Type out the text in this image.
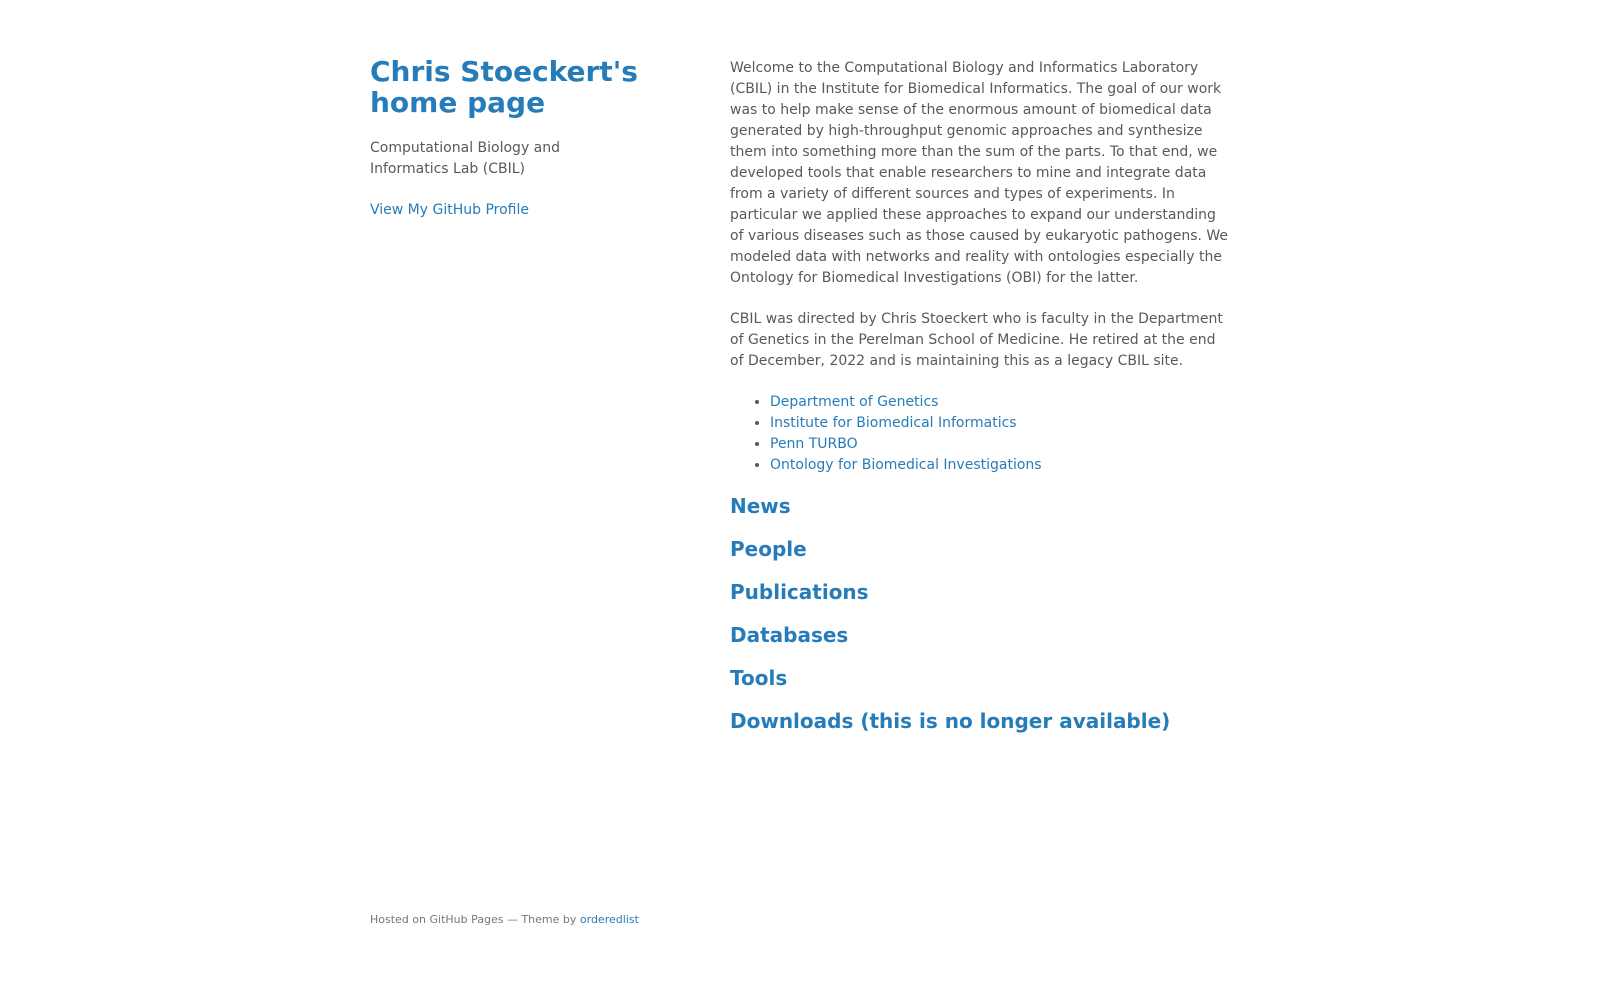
Chris Stoeckert's home page

Computational Biology and Informatics Lab (CBIL)

View My GitHub Profile

Welcome to the Computational Biology and Informatics Laboratory (CBIL) in the Institute for Biomedical Informatics. The goal of our work was to help make sense of the enormous amount of biomedical data generated by high-throughput genomic approaches and synthesize them into something more than the sum of the parts. To that end, we developed tools that enable researchers to mine and integrate data from a variety of different sources and types of experiments. In particular we applied these approaches to expand our understanding of various diseases such as those caused by eukaryotic pathogens. We modeled data with networks and reality with ontologies especially the Ontology for Biomedical Investigations (OBI) for the latter.

CBIL was directed by Chris Stoeckert who is faculty in the Department of Genetics in the Perelman School of Medicine. He retired at the end of December, 2022 and is maintaining this as a legacy CBIL site.

• Department of Genetics
• Institute for Biomedical Informatics
• Penn TURBO
• Ontology for Biomedical Investigations
News
People
Publications
Databases
Tools
Downloads (this is no longer available)
Hosted on GitHub Pages — Theme by orderedlist
